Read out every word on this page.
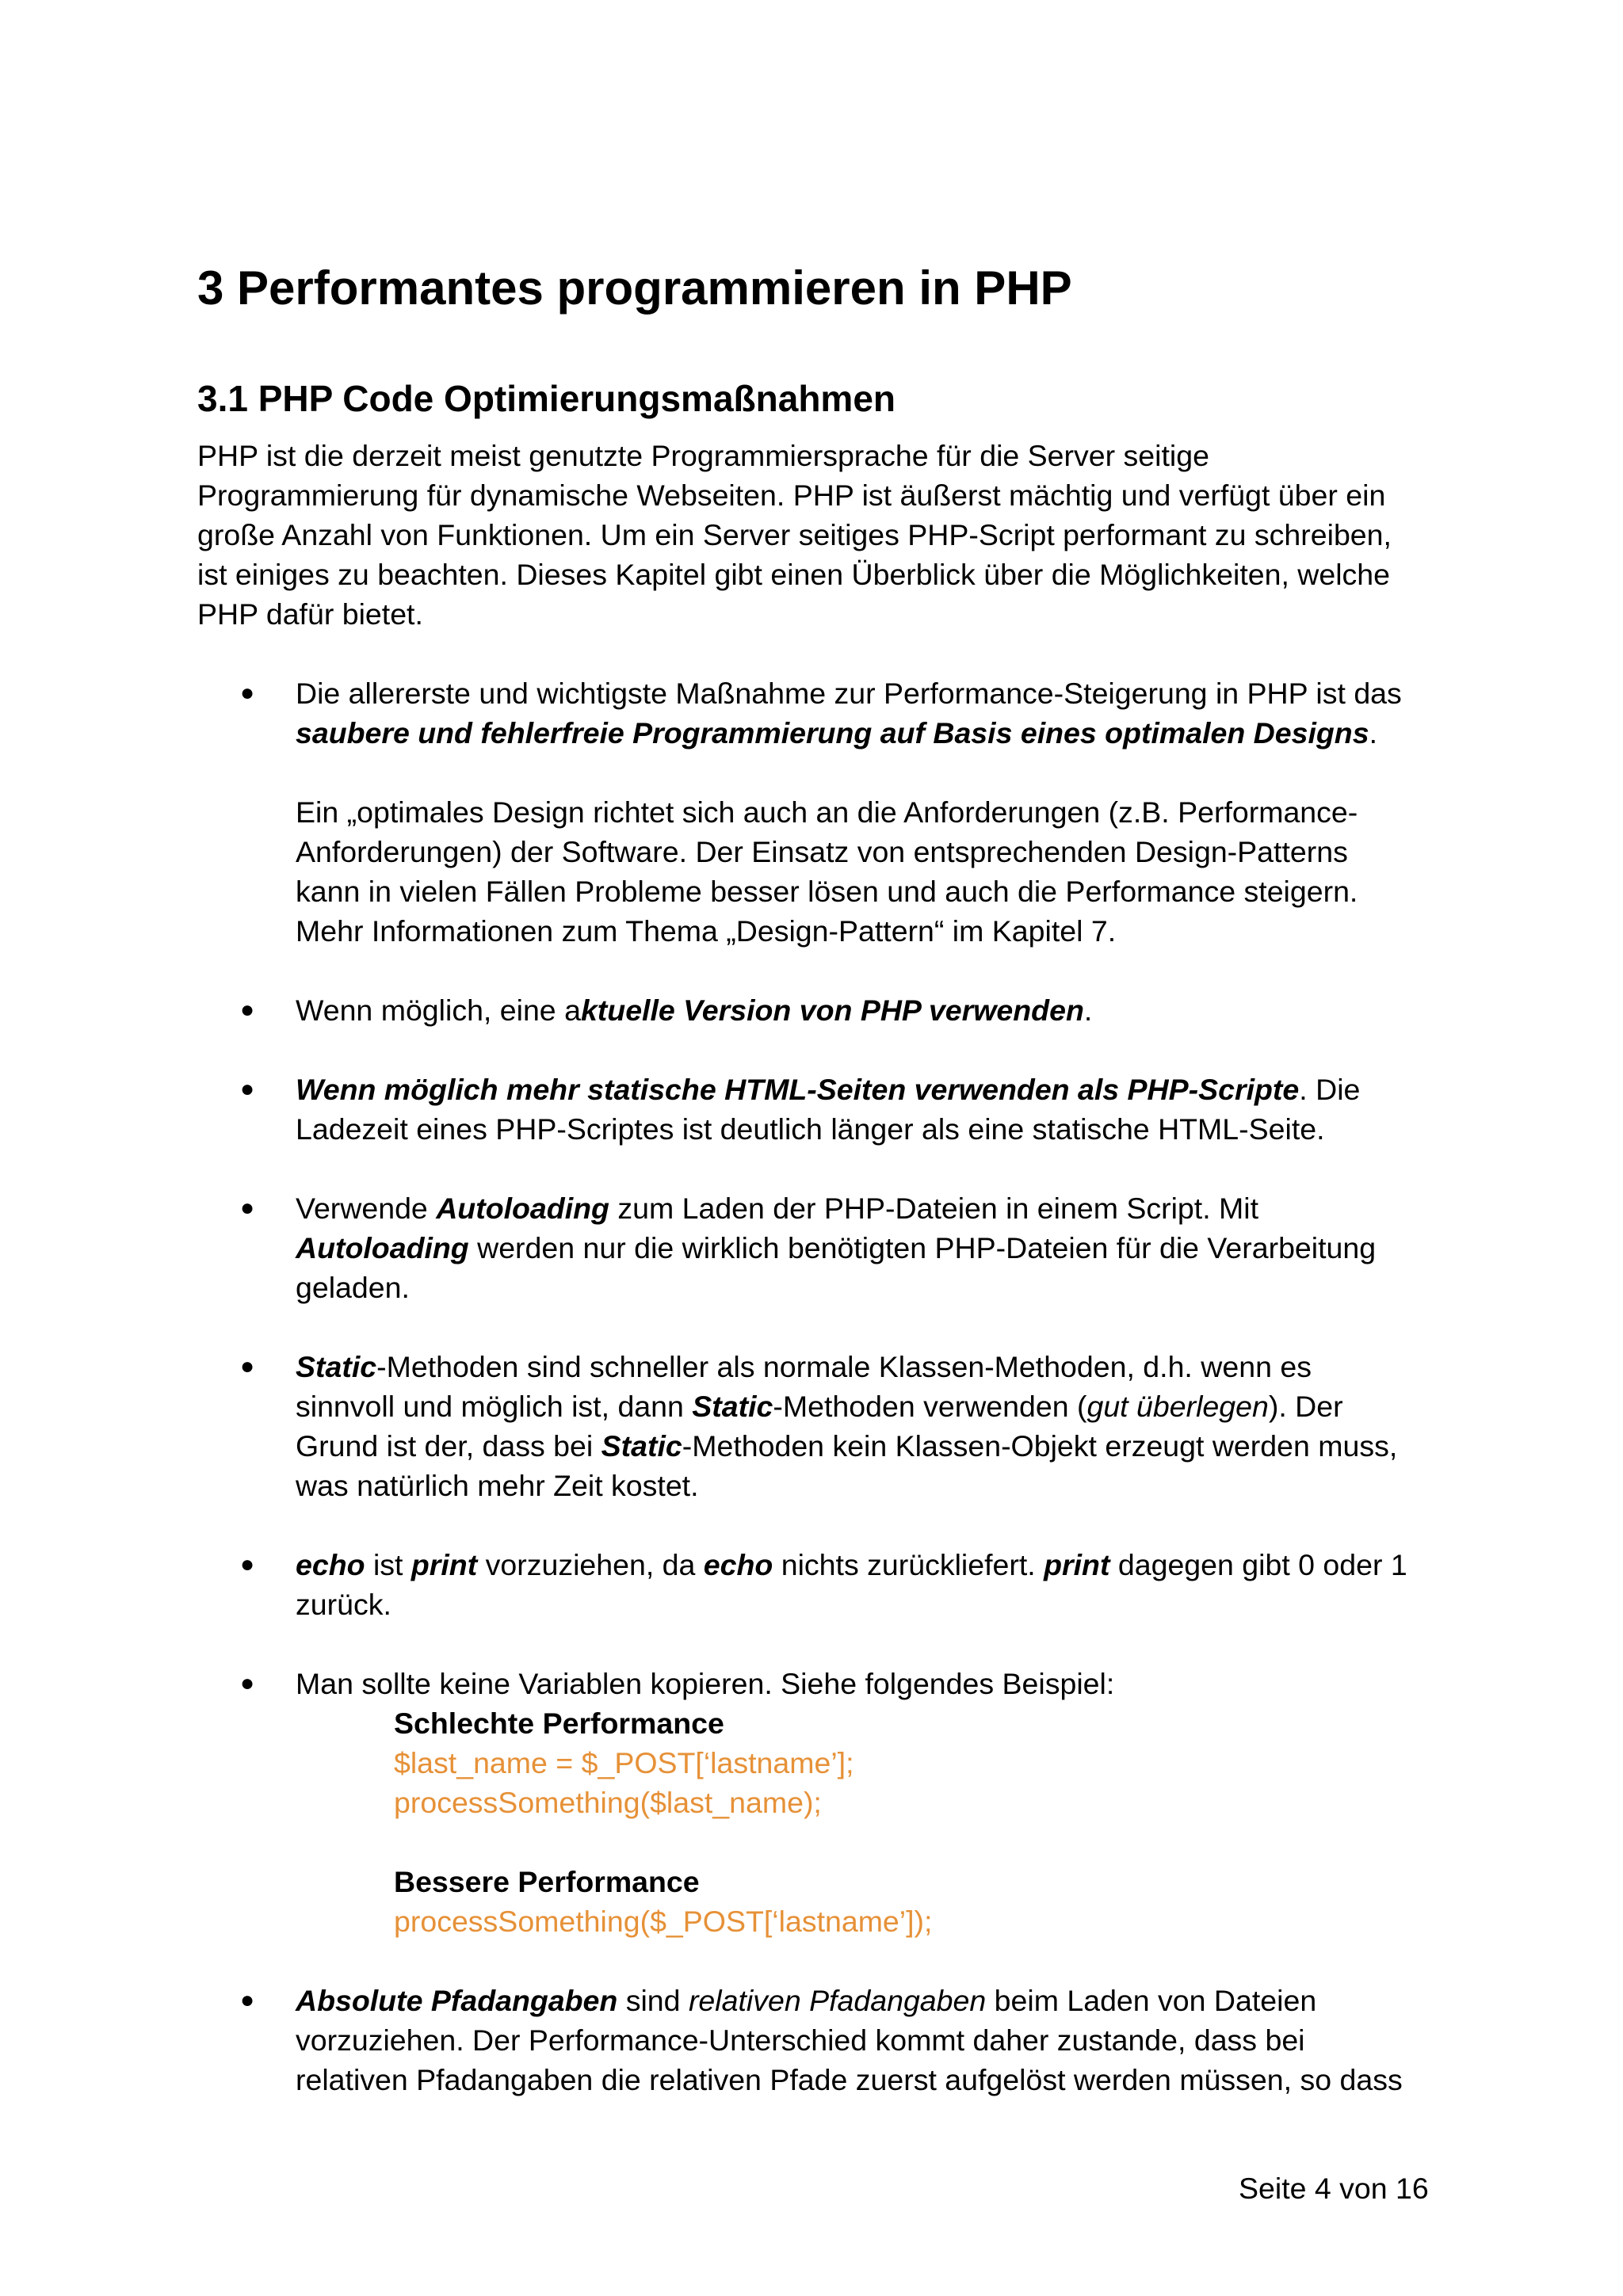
3 Performantes programmieren in PHP
3.1 PHP Code Optimierungsmaßnahmen
PHP ist die derzeit meist genutzte Programmiersprache für die Server seitige
Programmierung für dynamische Webseiten. PHP ist äußerst mächtig und verfügt über ein
große Anzahl von Funktionen. Um ein Server seitiges PHP-Script performant zu schreiben,
ist einiges zu beachten. Dieses Kapitel gibt einen Überblick über die Möglichkeiten, welche
PHP dafür bietet.
● Die allererste und wichtigste Maßnahme zur Performance-Steigerung in PHP ist das
saubere und fehlerfreie Programmierung auf Basis eines optimalen Designs.
Ein „optimales Design richtet sich auch an die Anforderungen (z.B. Performance-
Anforderungen) der Software. Der Einsatz von entsprechenden Design-Patterns
kann in vielen Fällen Probleme besser lösen und auch die Performance steigern.
Mehr Informationen zum Thema „Design-Pattern“ im Kapitel 7.
● Wenn möglich, eine aktuelle Version von PHP verwenden.
● Wenn möglich mehr statische HTML-Seiten verwenden als PHP-Scripte. Die
Ladezeit eines PHP-Scriptes ist deutlich länger als eine statische HTML-Seite.
● Verwende Autoloading zum Laden der PHP-Dateien in einem Script. Mit
Autoloading werden nur die wirklich benötigten PHP-Dateien für die Verarbeitung
geladen.
● Static-Methoden sind schneller als normale Klassen-Methoden, d.h. wenn es
sinnvoll und möglich ist, dann Static-Methoden verwenden (gut überlegen). Der
Grund ist der, dass bei Static-Methoden kein Klassen-Objekt erzeugt werden muss,
was natürlich mehr Zeit kostet.
● echo ist print vorzuziehen, da echo nichts zurückliefert. print dagegen gibt 0 oder 1
zurück.
● Man sollte keine Variablen kopieren. Siehe folgendes Beispiel:
Schlechte Performance
$last_name = $_POST[‘lastname’];
processSomething($last_name);
Bessere Performance
processSomething($_POST[‘lastname’]);
● Absolute Pfadangaben sind relativen Pfadangaben beim Laden von Dateien
vorzuziehen. Der Performance-Unterschied kommt daher zustande, dass bei
relativen Pfadangaben die relativen Pfade zuerst aufgelöst werden müssen, so dass
Seite 4 von 16
